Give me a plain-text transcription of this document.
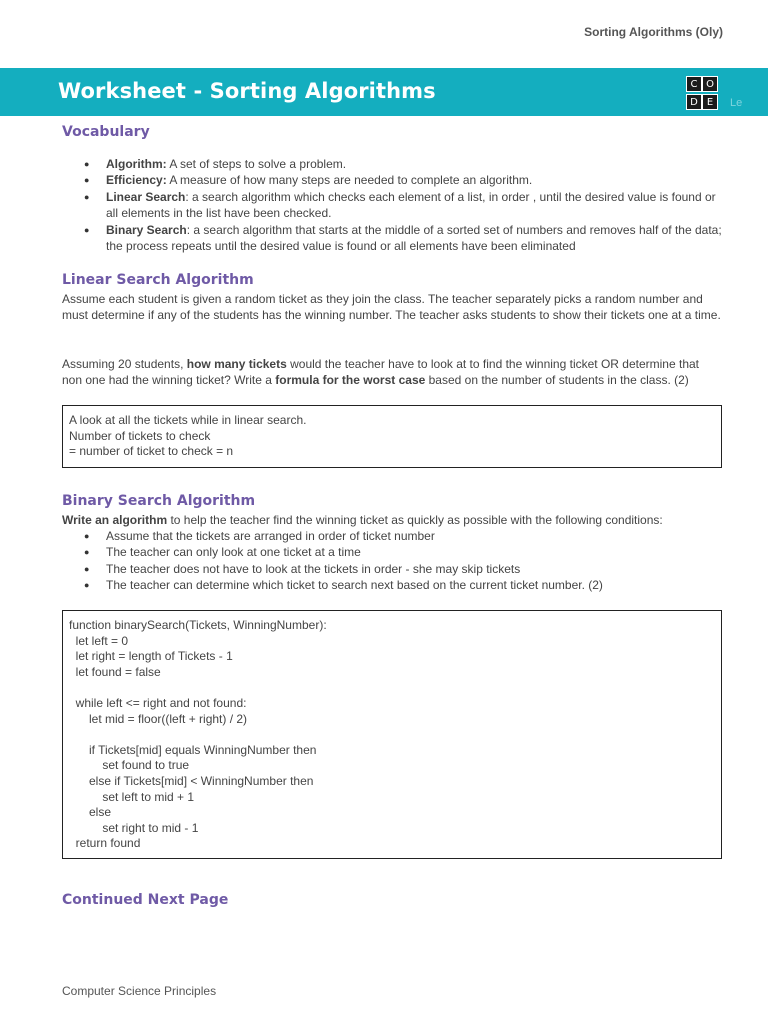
Sorting Algorithms (Oly)
Worksheet - Sorting Algorithms	C O
D E	Le
Vocabulary
● Algorithm: A set of steps to solve a problem.
● Efficiency: A measure of how many steps are needed to complete an algorithm.
● Linear Search: a search algorithm which checks each element of a list, in order , until the desired value is found or all elements in the list have been checked.
● Binary Search: a search algorithm that starts at the middle of a sorted set of numbers and removes half of the data; the process repeats until the desired value is found or all elements have been eliminated
Linear Search Algorithm
Assume each student is given a random ticket as they join the class. The teacher separately picks a random number and must determine if any of the students has the winning number. The teacher asks students to show their tickets one at a time.
Assuming 20 students, how many tickets would the teacher have to look at to find the winning ticket OR determine that non one had the winning ticket? Write a formula for the worst case based on the number of students in the class. (2)
A look at all the tickets while in linear search.
Number of tickets to check
= number of ticket to check = n
Binary Search Algorithm
Write an algorithm to help the teacher find the winning ticket as quickly as possible with the following conditions:
● Assume that the tickets are arranged in order of ticket number
● The teacher can only look at one ticket at a time
● The teacher does not have to look at the tickets in order - she may skip tickets
● The teacher can determine which ticket to search next based on the current ticket number. (2)
function binarySearch(Tickets, WinningNumber):
let left = 0
let right = length of Tickets - 1
let found = false

while left <= right and not found:
let mid = floor((left + right) / 2)

if Tickets[mid] equals WinningNumber then
set found to true
else if Tickets[mid] < WinningNumber then
set left to mid + 1
else
set right to mid - 1
return found
Continued Next Page
Computer Science Principles
